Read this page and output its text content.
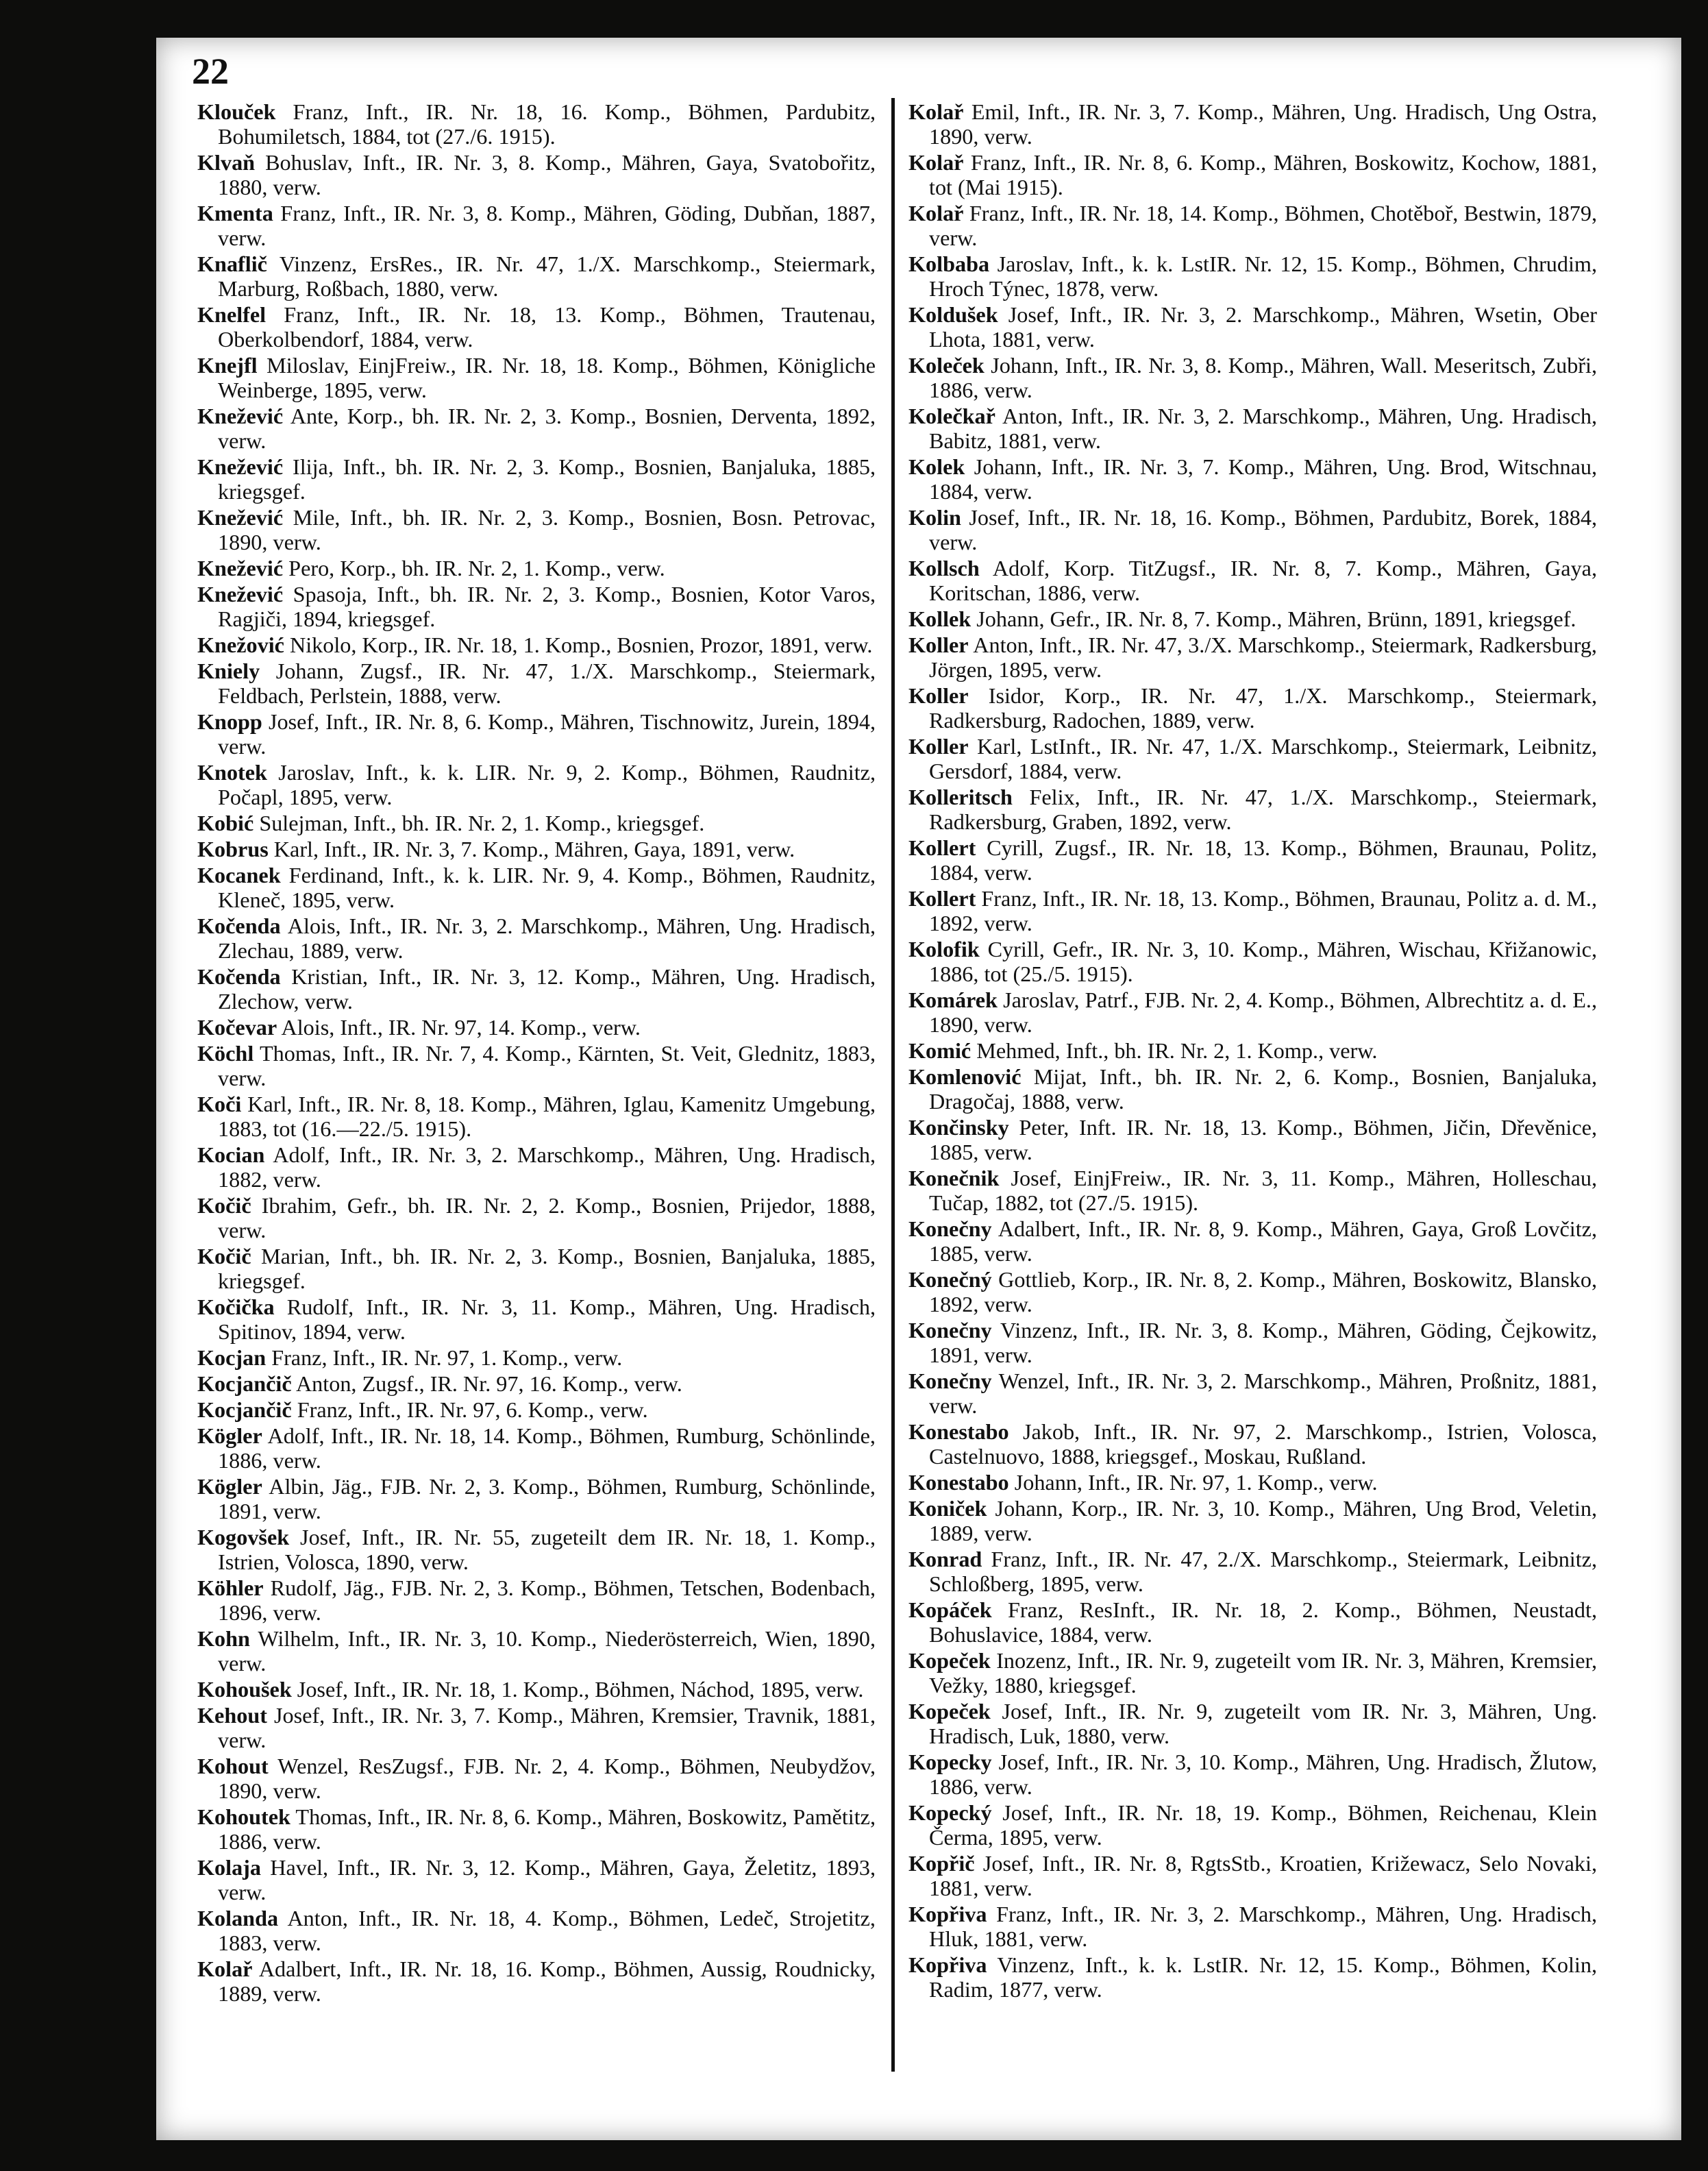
22

Klouček Franz, Inft., IR. Nr. 18, 16. Komp., Böhmen, Pardubitz, Bohumiletsch, 1884, tot (27./6. 1915).

Klvaň Bohuslav, Inft., IR. Nr. 3, 8. Komp., Mähren, Gaya, Svatobořitz, 1880, verw.

Kmenta Franz, Inft., IR. Nr. 3, 8. Komp., Mähren, Göding, Dubňan, 1887, verw.

Knaflič Vinzenz, ErsRes., IR. Nr. 47, 1./X. Marschkomp., Steiermark, Marburg, Roßbach, 1880, verw.

Knelfel Franz, Inft., IR. Nr. 18, 13. Komp., Böhmen, Trautenau, Oberkolbendorf, 1884, verw.

Knejfl Miloslav, EinjFreiw., IR. Nr. 18, 18. Komp., Böhmen, Königliche Weinberge, 1895, verw.

Knežević Ante, Korp., bh. IR. Nr. 2, 3. Komp., Bosnien, Derventa, 1892, verw.

Knežević Ilija, Inft., bh. IR. Nr. 2, 3. Komp., Bosnien, Banjaluka, 1885, kriegsgef.

Knežević Mile, Inft., bh. IR. Nr. 2, 3. Komp., Bosnien, Bosn. Petrovac, 1890, verw.

Knežević Pero, Korp., bh. IR. Nr. 2, 1. Komp., verw.

Knežević Spasoja, Inft., bh. IR. Nr. 2, 3. Komp., Bosnien, Kotor Varos, Ragjiči, 1894, kriegsgef.

Knežović Nikolo, Korp., IR. Nr. 18, 1. Komp., Bosnien, Prozor, 1891, verw.

Kniely Johann, Zugsf., IR. Nr. 47, 1./X. Marschkomp., Steiermark, Feldbach, Perlstein, 1888, verw.

Knopp Josef, Inft., IR. Nr. 8, 6. Komp., Mähren, Tischnowitz, Jurein, 1894, verw.

Knotek Jaroslav, Inft., k. k. LIR. Nr. 9, 2. Komp., Böhmen, Raudnitz, Počapl, 1895, verw.

Kobić Sulejman, Inft., bh. IR. Nr. 2, 1. Komp., kriegsgef.

Kobrus Karl, Inft., IR. Nr. 3, 7. Komp., Mähren, Gaya, 1891, verw.

Kocanek Ferdinand, Inft., k. k. LIR. Nr. 9, 4. Komp., Böhmen, Raudnitz, Kleneč, 1895, verw.

Kočenda Alois, Inft., IR. Nr. 3, 2. Marschkomp., Mähren, Ung. Hradisch, Zlechau, 1889, verw.

Kočenda Kristian, Inft., IR. Nr. 3, 12. Komp., Mähren, Ung. Hradisch, Zlechow, verw.

Kočevar Alois, Inft., IR. Nr. 97, 14. Komp., verw.

Köchl Thomas, Inft., IR. Nr. 7, 4. Komp., Kärnten, St. Veit, Glednitz, 1883, verw.

Koči Karl, Inft., IR. Nr. 8, 18. Komp., Mähren, Iglau, Kamenitz Umgebung, 1883, tot (16.—22./5. 1915).

Kocian Adolf, Inft., IR. Nr. 3, 2. Marschkomp., Mähren, Ung. Hradisch, 1882, verw.

Kočič Ibrahim, Gefr., bh. IR. Nr. 2, 2. Komp., Bosnien, Prijedor, 1888, verw.

Kočič Marian, Inft., bh. IR. Nr. 2, 3. Komp., Bosnien, Banjaluka, 1885, kriegsgef.

Kočička Rudolf, Inft., IR. Nr. 3, 11. Komp., Mähren, Ung. Hradisch, Spitinov, 1894, verw.

Kocjan Franz, Inft., IR. Nr. 97, 1. Komp., verw.

Kocjančič Anton, Zugsf., IR. Nr. 97, 16. Komp., verw.

Kocjančič Franz, Inft., IR. Nr. 97, 6. Komp., verw.

Kögler Adolf, Inft., IR. Nr. 18, 14. Komp., Böhmen, Rumburg, Schönlinde, 1886, verw.

Kögler Albin, Jäg., FJB. Nr. 2, 3. Komp., Böhmen, Rumburg, Schönlinde, 1891, verw.

Kogovšek Josef, Inft., IR. Nr. 55, zugeteilt dem IR. Nr. 18, 1. Komp., Istrien, Volosca, 1890, verw.

Köhler Rudolf, Jäg., FJB. Nr. 2, 3. Komp., Böhmen, Tetschen, Bodenbach, 1896, verw.

Kohn Wilhelm, Inft., IR. Nr. 3, 10. Komp., Niederösterreich, Wien, 1890, verw.

Kohoušek Josef, Inft., IR. Nr. 18, 1. Komp., Böhmen, Náchod, 1895, verw.

Kehout Josef, Inft., IR. Nr. 3, 7. Komp., Mähren, Kremsier, Travnik, 1881, verw.

Kohout Wenzel, ResZugsf., FJB. Nr. 2, 4. Komp., Böhmen, Neubydžov, 1890, verw.

Kohoutek Thomas, Inft., IR. Nr. 8, 6. Komp., Mähren, Boskowitz, Pamětitz, 1886, verw.

Kolaja Havel, Inft., IR. Nr. 3, 12. Komp., Mähren, Gaya, Želetitz, 1893, verw.

Kolanda Anton, Inft., IR. Nr. 18, 4. Komp., Böhmen, Ledeč, Strojetitz, 1883, verw.

Kolař Adalbert, Inft., IR. Nr. 18, 16. Komp., Böhmen, Aussig, Roudnicky, 1889, verw.

Kolař Emil, Inft., IR. Nr. 3, 7. Komp., Mähren, Ung. Hradisch, Ung Ostra, 1890, verw.

Kolař Franz, Inft., IR. Nr. 8, 6. Komp., Mähren, Boskowitz, Kochow, 1881, tot (Mai 1915).

Kolař Franz, Inft., IR. Nr. 18, 14. Komp., Böhmen, Chotěboř, Bestwin, 1879, verw.

Kolbaba Jaroslav, Inft., k. k. LstIR. Nr. 12, 15. Komp., Böhmen, Chrudim, Hroch Týnec, 1878, verw.

Koldušek Josef, Inft., IR. Nr. 3, 2. Marschkomp., Mähren, Wsetin, Ober Lhota, 1881, verw.

Koleček Johann, Inft., IR. Nr. 3, 8. Komp., Mähren, Wall. Meseritsch, Zubři, 1886, verw.

Kolečkař Anton, Inft., IR. Nr. 3, 2. Marschkomp., Mähren, Ung. Hradisch, Babitz, 1881, verw.

Kolek Johann, Inft., IR. Nr. 3, 7. Komp., Mähren, Ung. Brod, Witschnau, 1884, verw.

Kolin Josef, Inft., IR. Nr. 18, 16. Komp., Böhmen, Pardubitz, Borek, 1884, verw.

Kollsch Adolf, Korp. TitZugsf., IR. Nr. 8, 7. Komp., Mähren, Gaya, Koritschan, 1886, verw.

Kollek Johann, Gefr., IR. Nr. 8, 7. Komp., Mähren, Brünn, 1891, kriegsgef.

Koller Anton, Inft., IR. Nr. 47, 3./X. Marschkomp., Steiermark, Radkersburg, Jörgen, 1895, verw.

Koller Isidor, Korp., IR. Nr. 47, 1./X. Marschkomp., Steiermark, Radkersburg, Radochen, 1889, verw.

Koller Karl, LstInft., IR. Nr. 47, 1./X. Marschkomp., Steiermark, Leibnitz, Gersdorf, 1884, verw.

Kolleritsch Felix, Inft., IR. Nr. 47, 1./X. Marschkomp., Steiermark, Radkersburg, Graben, 1892, verw.

Kollert Cyrill, Zugsf., IR. Nr. 18, 13. Komp., Böhmen, Braunau, Politz, 1884, verw.

Kollert Franz, Inft., IR. Nr. 18, 13. Komp., Böhmen, Braunau, Politz a. d. M., 1892, verw.

Kolofik Cyrill, Gefr., IR. Nr. 3, 10. Komp., Mähren, Wischau, Křižanowic, 1886, tot (25./5. 1915).

Komárek Jaroslav, Patrf., FJB. Nr. 2, 4. Komp., Böhmen, Albrechtitz a. d. E., 1890, verw.

Komić Mehmed, Inft., bh. IR. Nr. 2, 1. Komp., verw.

Komlenović Mijat, Inft., bh. IR. Nr. 2, 6. Komp., Bosnien, Banjaluka, Dragočaj, 1888, verw.

Končinsky Peter, Inft. IR. Nr. 18, 13. Komp., Böhmen, Jičin, Dřevěnice, 1885, verw.

Konečnik Josef, EinjFreiw., IR. Nr. 3, 11. Komp., Mähren, Holleschau, Tučap, 1882, tot (27./5. 1915).

Konečny Adalbert, Inft., IR. Nr. 8, 9. Komp., Mähren, Gaya, Groß Lovčitz, 1885, verw.

Konečný Gottlieb, Korp., IR. Nr. 8, 2. Komp., Mähren, Boskowitz, Blansko, 1892, verw.

Konečny Vinzenz, Inft., IR. Nr. 3, 8. Komp., Mähren, Göding, Čejkowitz, 1891, verw.

Konečny Wenzel, Inft., IR. Nr. 3, 2. Marschkomp., Mähren, Proßnitz, 1881, verw.

Konestabo Jakob, Inft., IR. Nr. 97, 2. Marschkomp., Istrien, Volosca, Castelnuovo, 1888, kriegsgef., Moskau, Rußland.

Konestabo Johann, Inft., IR. Nr. 97, 1. Komp., verw.

Koniček Johann, Korp., IR. Nr. 3, 10. Komp., Mähren, Ung Brod, Veletin, 1889, verw.

Konrad Franz, Inft., IR. Nr. 47, 2./X. Marschkomp., Steiermark, Leibnitz, Schloßberg, 1895, verw.

Kopáček Franz, ResInft., IR. Nr. 18, 2. Komp., Böhmen, Neustadt, Bohuslavice, 1884, verw.

Kopeček Inozenz, Inft., IR. Nr. 9, zugeteilt vom IR. Nr. 3, Mähren, Kremsier, Vežky, 1880, kriegsgef.

Kopeček Josef, Inft., IR. Nr. 9, zugeteilt vom IR. Nr. 3, Mähren, Ung. Hradisch, Luk, 1880, verw.

Kopecky Josef, Inft., IR. Nr. 3, 10. Komp., Mähren, Ung. Hradisch, Žlutow, 1886, verw.

Kopecký Josef, Inft., IR. Nr. 18, 19. Komp., Böhmen, Reichenau, Klein Čerma, 1895, verw.

Kopřič Josef, Inft., IR. Nr. 8, RgtsStb., Kroatien, Križewacz, Selo Novaki, 1881, verw.

Kopřiva Franz, Inft., IR. Nr. 3, 2. Marschkomp., Mähren, Ung. Hradisch, Hluk, 1881, verw.

Kopřiva Vinzenz, Inft., k. k. LstIR. Nr. 12, 15. Komp., Böhmen, Kolin, Radim, 1877, verw.
